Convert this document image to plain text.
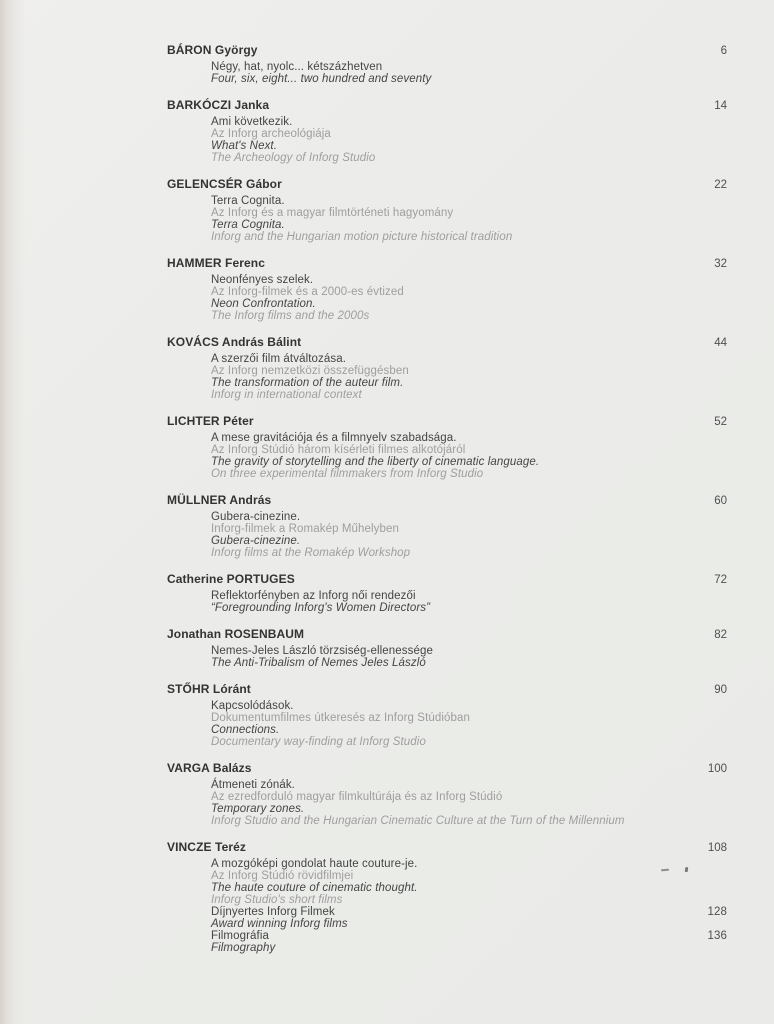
BÁRON György	6
Négy, hat, nyolc... kétszázhetven
Four, six, eight... two hundred and seventy
BARKÓCZI Janka	14
Ami következik.
Az Inforg archeológiája
What's Next.
The Archeology of Inforg Studio
GELENCSÉR Gábor	22
Terra Cognita.
Az Inforg és a magyar filmtörténeti hagyomány
Terra Cognita.
Inforg and the Hungarian motion picture historical tradition
HAMMER Ferenc	32
Neonfényes szelek.
Az Inforg-filmek és a 2000-es évtized
Neon Confrontation.
The Inforg films and the 2000s
KOVÁCS András Bálint	44
A szerzői film átváltozása.
Az Inforg nemzetközi összefüggésben
The transformation of the auteur film.
Inforg in international context
LICHTER Péter	52
A mese gravitációja és a filmnyelv szabadsága.
Az Inforg Stúdió három kísérleti filmes alkotójáról
The gravity of storytelling and the liberty of cinematic language.
On three experimental filmmakers from Inforg Studio
MÜLLNER András	60
Gubera-cinezine.
Inforg-filmek a Romakép Műhelyben
Gubera-cinezine.
Inforg films at the Romakép Workshop
Catherine PORTUGES	72
Reflektorfényben az Inforg női rendezői
“Foregrounding Inforg's Women Directors”
Jonathan ROSENBAUM	82
Nemes-Jeles László törzsiség-ellenessége
The Anti-Tribalism of Nemes Jeles László
STŐHR Lóránt	90
Kapcsolódások.
Dokumentumfilmes útkeresés az Inforg Stúdióban
Connections.
Documentary way-finding at Inforg Studio
VARGA Balázs	100
Átmeneti zónák.
Az ezredforduló magyar filmkultúrája és az Inforg Stúdió
Temporary zones.
Inforg Studio and the Hungarian Cinematic Culture at the Turn of the Millennium
VINCZE Teréz	108
A mozgóképi gondolat haute couture-je.
Az Inforg Stúdió rövidfilmjei
The haute couture of cinematic thought.
Inforg Studio's short films
Díjnyertes Inforg Filmek	128
Award winning Inforg films
Filmográfia	136
Filmography
